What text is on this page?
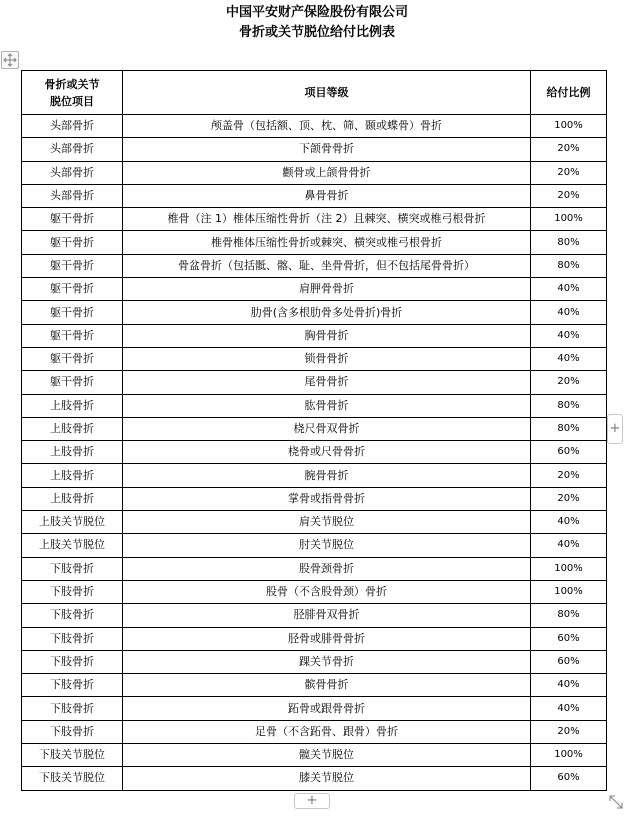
中国平安财产保险股份有限公司
骨折或关节脱位给付比例表
骨折或关节
脱位项目	项目等级	给付比例
头部骨折	颅盖骨（包括额、顶、枕、筛、颞或蝶骨）骨折	100%
头部骨折	下颌骨骨折	20%
头部骨折	颧骨或上颌骨骨折	20%
头部骨折	鼻骨骨折	20%
躯干骨折	椎骨（注 1）椎体压缩性骨折（注 2）且棘突、横突或椎弓根骨折	100%
躯干骨折	椎骨椎体压缩性骨折或棘突、横突或椎弓根骨折	80%
躯干骨折	骨盆骨折（包括骶、髂、耻、坐骨骨折，但不包括尾骨骨折）	80%
躯干骨折	肩胛骨骨折	40%
躯干骨折	肋骨(含多根肋骨多处骨折)骨折	40%
躯干骨折	胸骨骨折	40%
躯干骨折	锁骨骨折	40%
躯干骨折	尾骨骨折	20%
上肢骨折	肱骨骨折	80%
上肢骨折	桡尺骨双骨折	80%
上肢骨折	桡骨或尺骨骨折	60%
上肢骨折	腕骨骨折	20%
上肢骨折	掌骨或指骨骨折	20%
上肢关节脱位	肩关节脱位	40%
上肢关节脱位	肘关节脱位	40%
下肢骨折	股骨颈骨折	100%
下肢骨折	股骨（不含股骨颈）骨折	100%
下肢骨折	胫腓骨双骨折	80%
下肢骨折	胫骨或腓骨骨折	60%
下肢骨折	踝关节骨折	60%
下肢骨折	髌骨骨折	40%
下肢骨折	跖骨或跟骨骨折	40%
下肢骨折	足骨（不含跖骨、跟骨）骨折	20%
下肢关节脱位	髋关节脱位	100%
下肢关节脱位	膝关节脱位	60%
+
+
